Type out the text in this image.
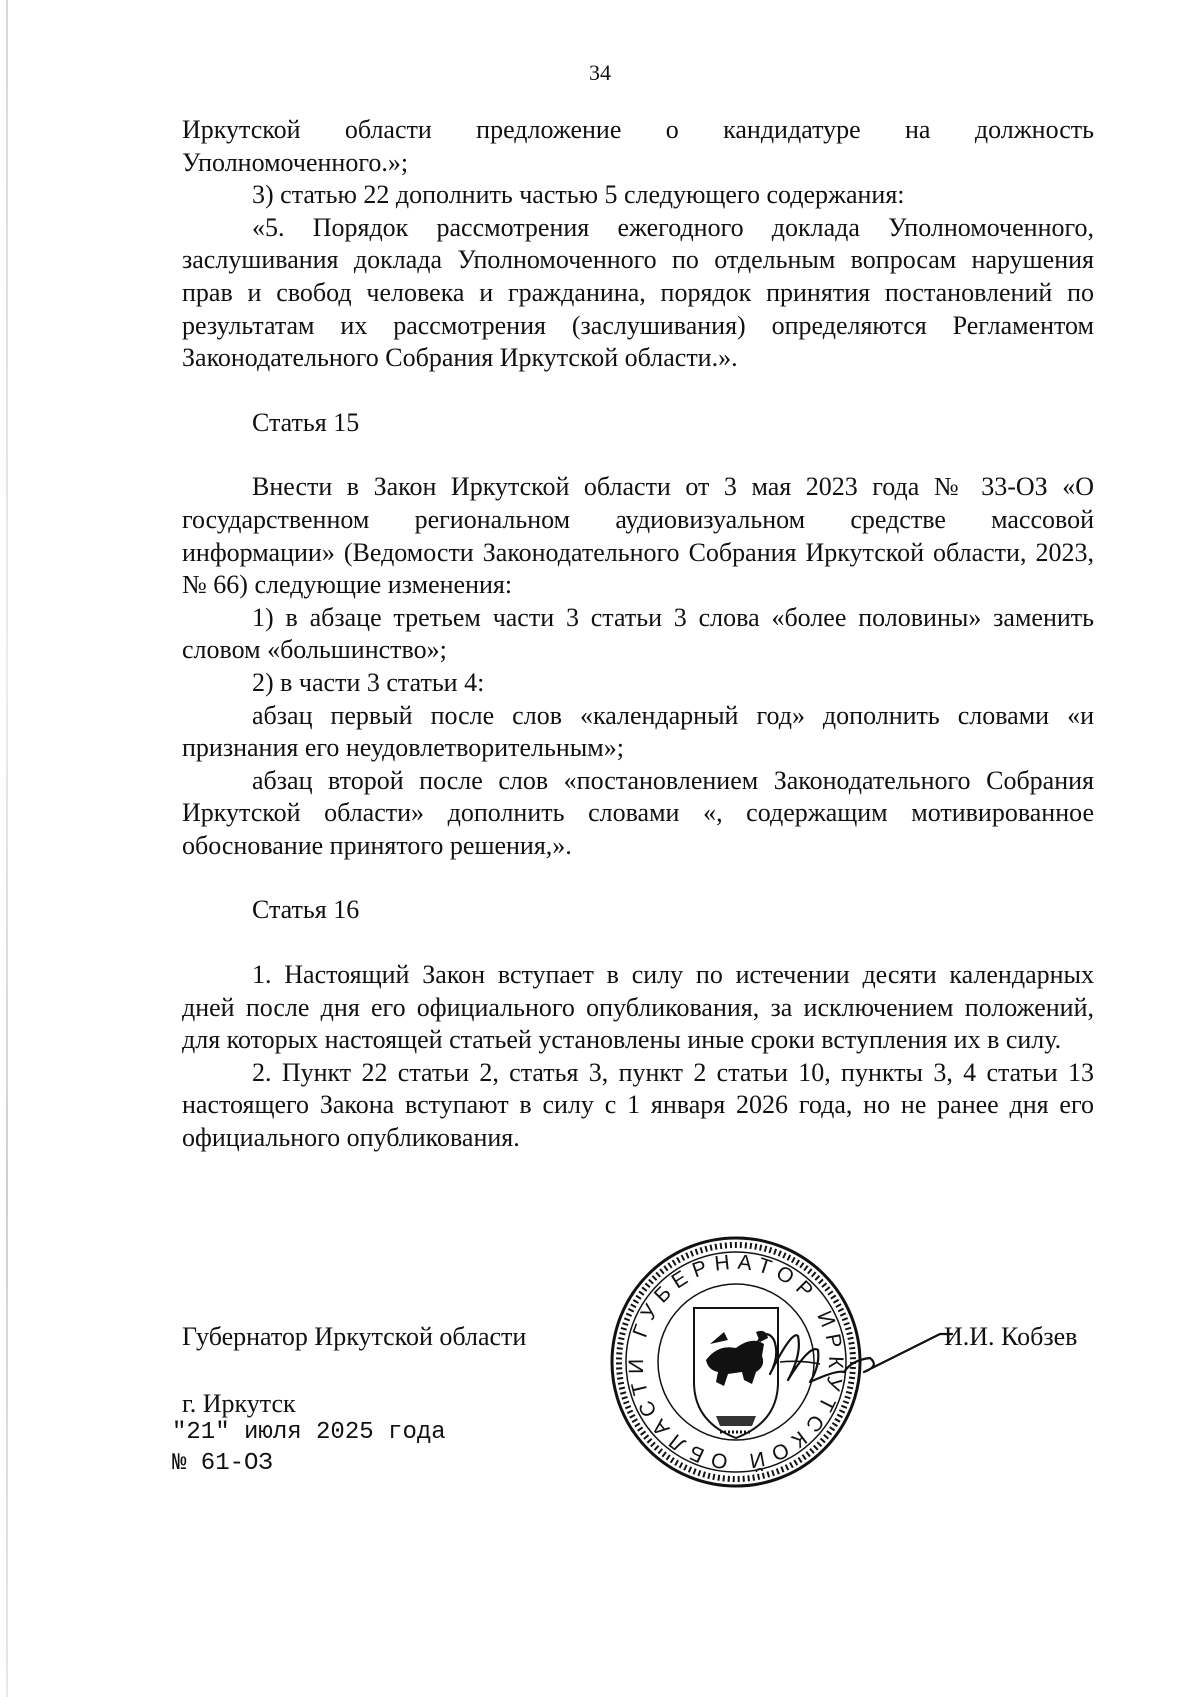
34

Иркутской области предложение о кандидатуре на должность Уполномоченного.»;

3) статью 22 дополнить частью 5 следующего содержания:

«5. Порядок рассмотрения ежегодного доклада Уполномоченного, заслушивания доклада Уполномоченного по отдельным вопросам нарушения прав и свобод человека и гражданина, порядок принятия постановлений по результатам их рассмотрения (заслушивания) определяются Регламентом Законодательного Собрания Иркутской области.».

Статья 15

Внести в Закон Иркутской области от 3 мая 2023 года № 33-ОЗ «О государственном региональном аудиовизуальном средстве массовой информации» (Ведомости Законодательного Собрания Иркутской области, 2023, № 66) следующие изменения:

1) в абзаце третьем части 3 статьи 3 слова «более половины» заменить словом «большинство»;

2) в части 3 статьи 4:

абзац первый после слов «календарный год» дополнить словами «и признания его неудовлетворительным»;

абзац второй после слов «постановлением Законодательного Собрания Иркутской области» дополнить словами «, содержащим мотивированное обоснование принятого решения,».

Статья 16

1. Настоящий Закон вступает в силу по истечении десяти календарных дней после дня его официального опубликования, за исключением положений, для которых настоящей статьей установлены иные сроки вступления их в силу.

2. Пункт 22 статьи 2, статья 3, пункт 2 статьи 10, пункты 3, 4 статьи 13 настоящего Закона вступают в силу с 1 января 2026 года, но не ранее дня его официального опубликования.

Губернатор Иркутской области	ГУБЕРНАТОР ИРКУТСКОЙ ОБЛАСТИ
И.И. Кобзев
г. Иркутск
"21" июля 2025 года
№ 61-ОЗ
